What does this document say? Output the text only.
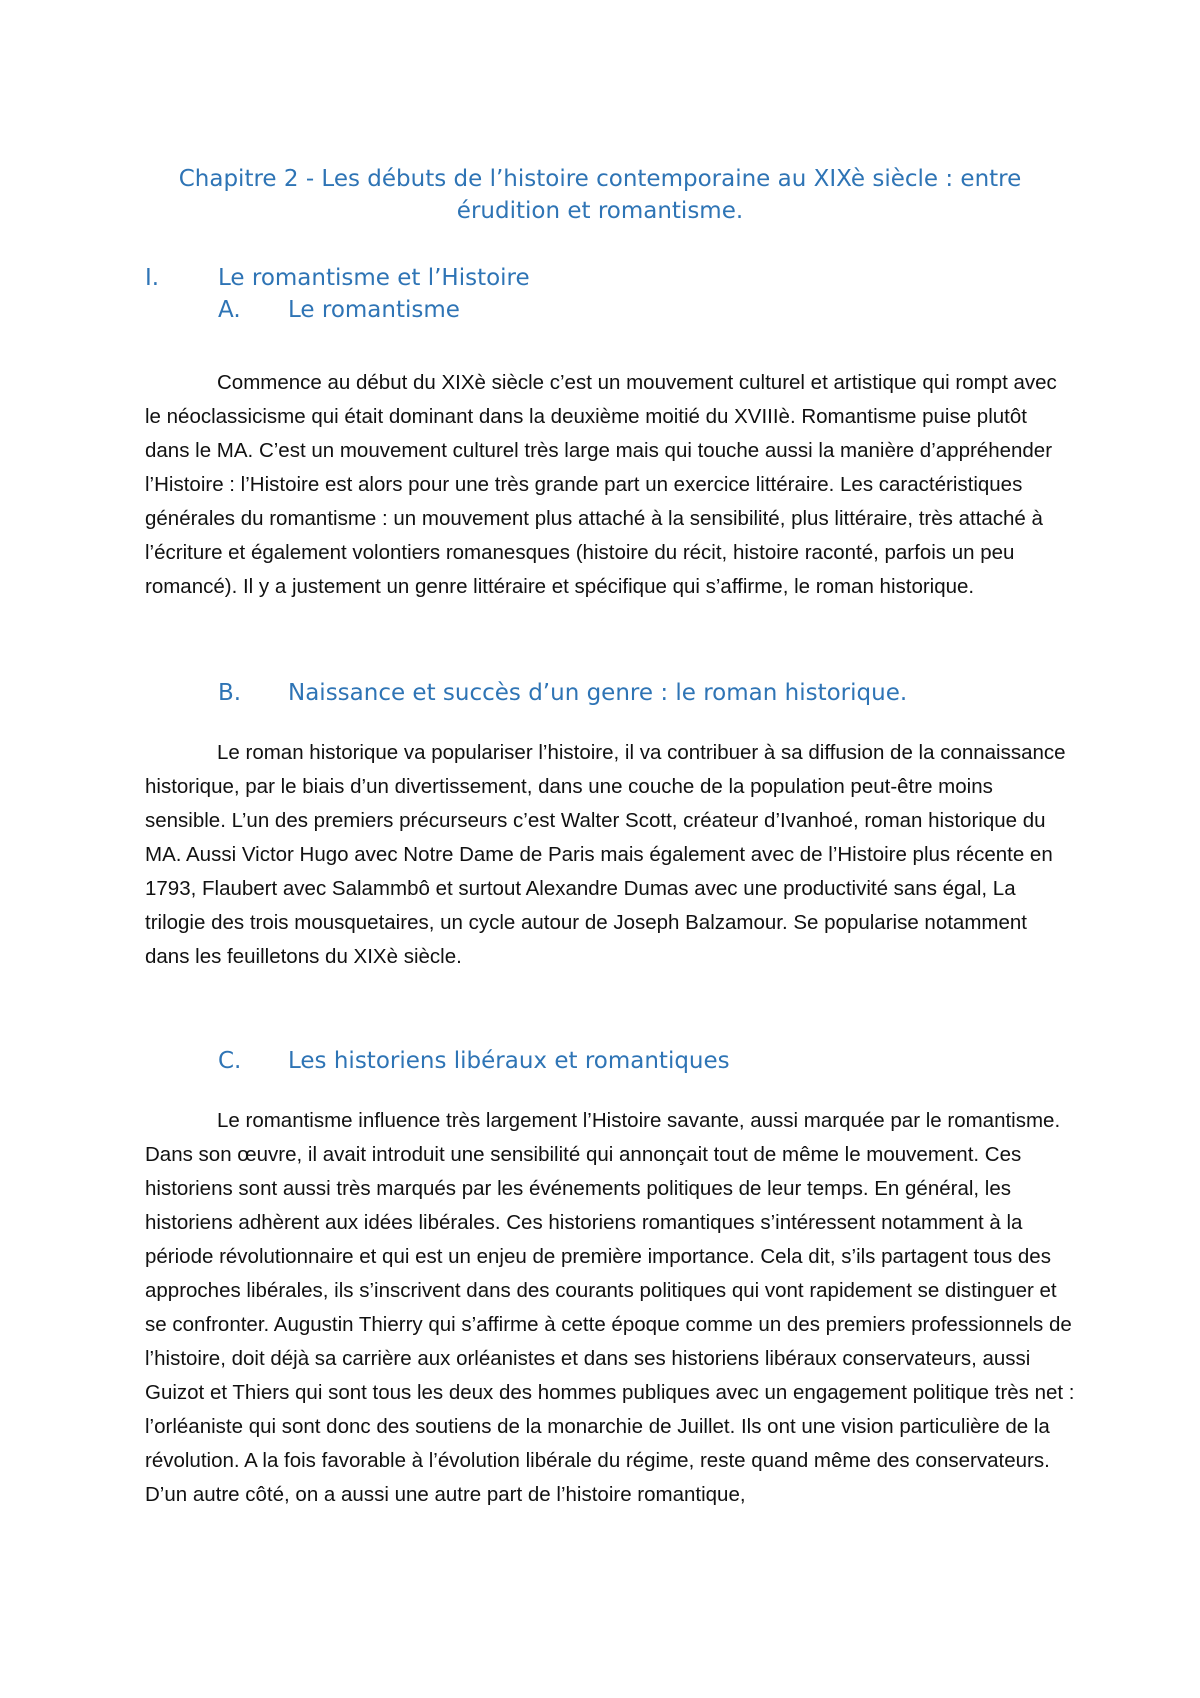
Chapitre 2 - Les débuts de l’histoire contemporaine au XIXè siècle : entre érudition et romantisme.
I.	Le romantisme et l’Histoire
A. Le romantisme

Commence au début du XIXè siècle c’est un mouvement culturel et artistique qui rompt avec le néoclassicisme qui était dominant dans la deuxième moitié du XVIIIè. Romantisme puise plutôt dans le MA. C’est un mouvement culturel très large mais qui touche aussi la manière d’appréhender l’Histoire : l’Histoire est alors pour une très grande part un exercice littéraire. Les caractéristiques générales du romantisme : un mouvement plus attaché à la sensibilité, plus littéraire, très attaché à l’écriture et également volontiers romanesques (histoire du récit, histoire raconté, parfois un peu romancé). Il y a justement un genre littéraire et spécifique qui s’affirme, le roman historique.

B. Naissance et succès d’un genre : le roman historique.

Le roman historique va populariser l’histoire, il va contribuer à sa diffusion de la connaissance historique, par le biais d’un divertissement, dans une couche de la population peut-être moins sensible. L’un des premiers précurseurs c’est Walter Scott, créateur d’Ivanhoé, roman historique du MA. Aussi Victor Hugo avec Notre Dame de Paris mais également avec de l’Histoire plus récente en 1793, Flaubert avec Salammbô et surtout Alexandre Dumas avec une productivité sans égal, La trilogie des trois mousquetaires, un cycle autour de Joseph Balzamour. Se popularise notamment dans les feuilletons du XIXè siècle.

C. Les historiens libéraux et romantiques

Le romantisme influence très largement l’Histoire savante, aussi marquée par le romantisme. Dans son œuvre, il avait introduit une sensibilité qui annonçait tout de même le mouvement. Ces historiens sont aussi très marqués par les événements politiques de leur temps. En général, les historiens adhèrent aux idées libérales. Ces historiens romantiques s’intéressent notamment à la période révolutionnaire et qui est un enjeu de première importance. Cela dit, s’ils partagent tous des approches libérales, ils s’inscrivent dans des courants politiques qui vont rapidement se distinguer et se confronter. Augustin Thierry qui s’affirme à cette époque comme un des premiers professionnels de l’histoire, doit déjà sa carrière aux orléanistes et dans ses historiens libéraux conservateurs, aussi Guizot et Thiers qui sont tous les deux des hommes publiques avec un engagement politique très net : l’orléaniste qui sont donc des soutiens de la monarchie de Juillet. Ils ont une vision particulière de la révolution. A la fois favorable à l’évolution libérale du régime, reste quand même des conservateurs. D’un autre côté, on a aussi une autre part de l’histoire romantique,
